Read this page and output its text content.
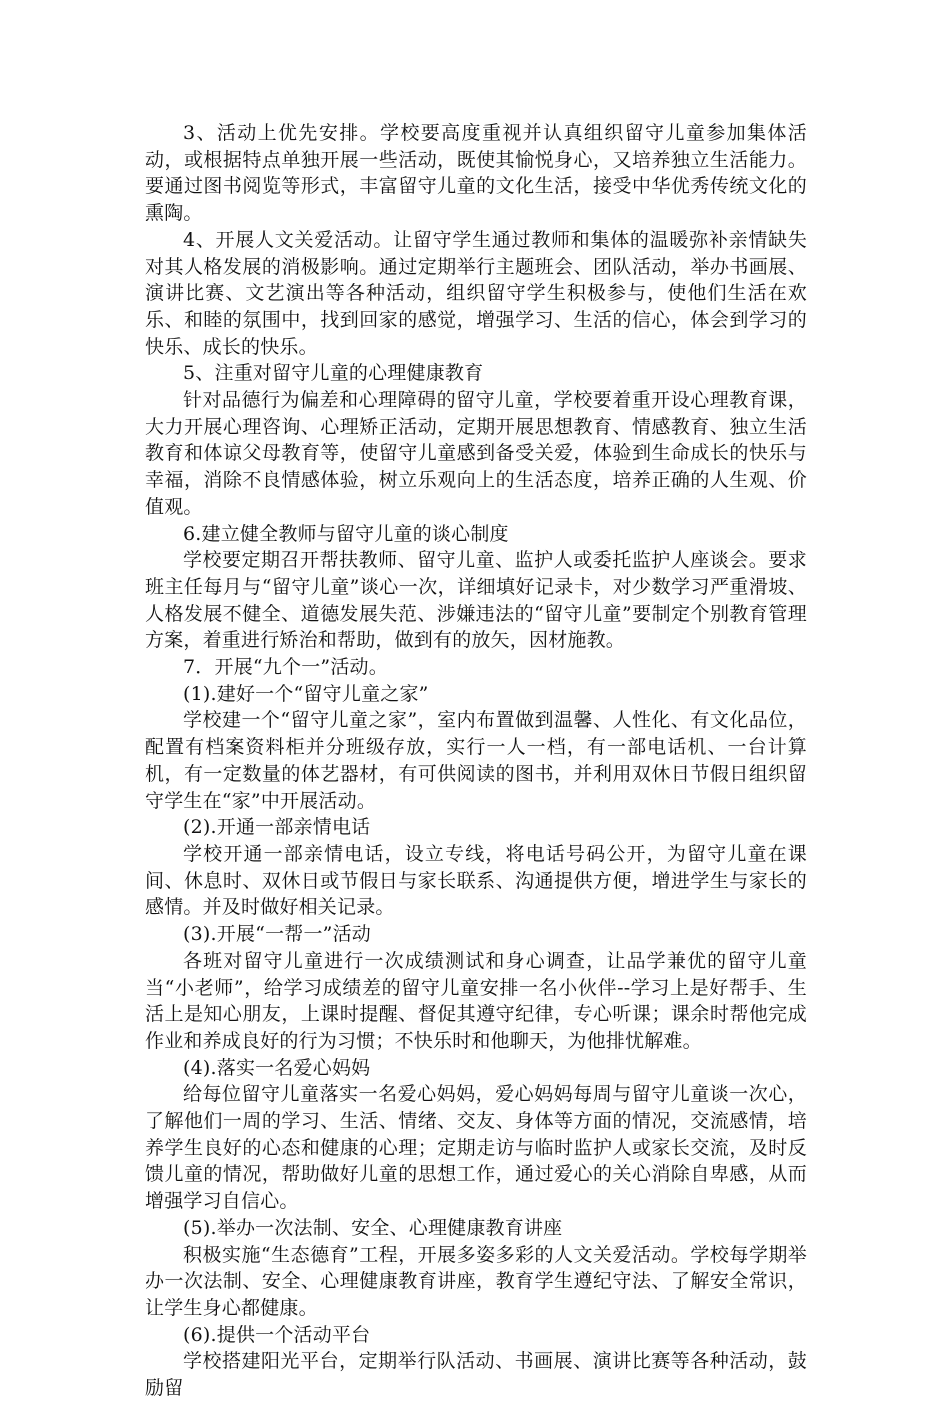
3、活动上优先安排。学校要高度重视并认真组织留守儿童参加集体活动，或根据特点单独开展一些活动，既使其愉悦身心，又培养独立生活能力。要通过图书阅览等形式，丰富留守儿童的文化生活，接受中华优秀传统文化的熏陶。

4、开展人文关爱活动。让留守学生通过教师和集体的温暖弥补亲情缺失对其人格发展的消极影响。通过定期举行主题班会、团队活动，举办书画展、演讲比赛、文艺演出等各种活动，组织留守学生积极参与，使他们生活在欢乐、和睦的氛围中，找到回家的感觉，增强学习、生活的信心，体会到学习的快乐、成长的快乐。

5、注重对留守儿童的心理健康教育

针对品德行为偏差和心理障碍的留守儿童，学校要着重开设心理教育课，大力开展心理咨询、心理矫正活动，定期开展思想教育、情感教育、独立生活教育和体谅父母教育等，使留守儿童感到备受关爱，体验到生命成长的快乐与幸福，消除不良情感体验，树立乐观向上的生活态度，培养正确的人生观、价值观。

6.建立健全教师与留守儿童的谈心制度

学校要定期召开帮扶教师、留守儿童、监护人或委托监护人座谈会。要求班主任每月与“留守儿童”谈心一次，详细填好记录卡，对少数学习严重滑坡、人格发展不健全、道德发展失范、涉嫌违法的“留守儿童”要制定个别教育管理方案，着重进行矫治和帮助，做到有的放矢，因材施教。

7．开展“九个一”活动。

(1).建好一个“留守儿童之家”

学校建一个“留守儿童之家”，室内布置做到温馨、人性化、有文化品位，配置有档案资料柜并分班级存放，实行一人一档，有一部电话机、一台计算机，有一定数量的体艺器材，有可供阅读的图书，并利用双休日节假日组织留守学生在“家”中开展活动。

(2).开通一部亲情电话

学校开通一部亲情电话，设立专线，将电话号码公开，为留守儿童在课间、休息时、双休日或节假日与家长联系、沟通提供方便，增进学生与家长的感情。并及时做好相关记录。

(3).开展“一帮一”活动

各班对留守儿童进行一次成绩测试和身心调查，让品学兼优的留守儿童当“小老师”，给学习成绩差的留守儿童安排一名小伙伴--学习上是好帮手、生活上是知心朋友，上课时提醒、督促其遵守纪律，专心听课；课余时帮他完成作业和养成良好的行为习惯；不快乐时和他聊天，为他排忧解难。

(4).落实一名爱心妈妈

给每位留守儿童落实一名爱心妈妈，爱心妈妈每周与留守儿童谈一次心，了解他们一周的学习、生活、情绪、交友、身体等方面的情况，交流感情，培养学生良好的心态和健康的心理；定期走访与临时监护人或家长交流，及时反馈儿童的情况，帮助做好儿童的思想工作，通过爱心的关心消除自卑感，从而增强学习自信心。

(5).举办一次法制、安全、心理健康教育讲座

积极实施“生态德育”工程，开展多姿多彩的人文关爱活动。学校每学期举办一次法制、安全、心理健康教育讲座，教育学生遵纪守法、了解安全常识，让学生身心都健康。

(6).提供一个活动平台

学校搭建阳光平台，定期举行队活动、书画展、演讲比赛等各种活动，鼓励留
